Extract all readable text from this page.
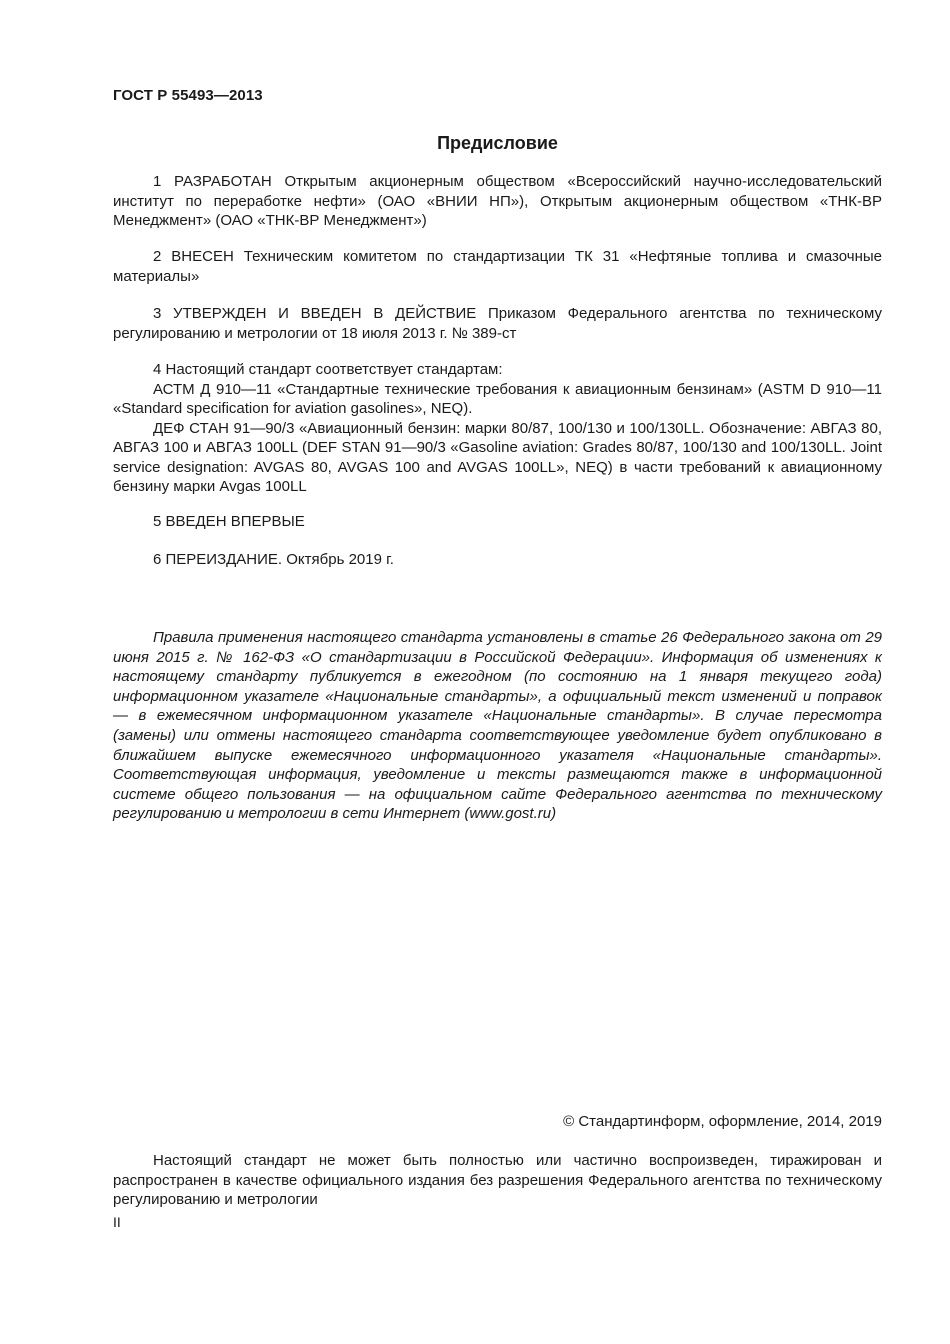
ГОСТ Р 55493—2013
Предисловие

1 РАЗРАБОТАН Открытым акционерным обществом «Всероссийский научно-исследовательский институт по переработке нефти» (ОАО «ВНИИ НП»), Открытым акционерным обществом «ТНК-ВР Менеджмент» (ОАО «ТНК-ВР Менеджмент»)

2 ВНЕСЕН Техническим комитетом по стандартизации ТК 31 «Нефтяные топлива и смазочные материалы»

3 УТВЕРЖДЕН И ВВЕДЕН В ДЕЙСТВИЕ Приказом Федерального агентства по техническому регулированию и метрологии от 18 июля 2013 г. № 389-ст

4 Настоящий стандарт соответствует стандартам:

АСТМ Д 910—11 «Стандартные технические требования к авиационным бензинам» (ASTM D 910—11 «Standard specification for aviation gasolines», NEQ).

ДЕФ СТАН 91—90/3 «Авиационный бензин: марки 80/87, 100/130 и 100/130LL. Обозначение: АВГАЗ 80, АВГАЗ 100 и АВГАЗ 100LL (DEF STAN 91—90/3 «Gasoline aviation: Grades 80/87, 100/130 and 100/130LL. Joint service designation: AVGAS 80, AVGAS 100 and AVGAS 100LL», NEQ) в части требований к авиационному бензину марки Avgas 100LL

5 ВВЕДЕН ВПЕРВЫЕ

6 ПЕРЕИЗДАНИЕ. Октябрь 2019 г.

Правила применения настоящего стандарта установлены в статье 26 Федерального закона от 29 июня 2015 г. № 162-ФЗ «О стандартизации в Российской Федерации». Информация об изменениях к настоящему стандарту публикуется в ежегодном (по состоянию на 1 января текущего года) информационном указателе «Национальные стандарты», а официальный текст изменений и поправок — в ежемесячном информационном указателе «Национальные стандарты». В случае пересмотра (замены) или отмены настоящего стандарта соответствующее уведомление будет опубликовано в ближайшем выпуске ежемесячного информационного указателя «Национальные стандарты». Соответствующая информация, уведомление и тексты размещаются также в информационной системе общего пользования — на официальном сайте Федерального агентства по техническому регулированию и метрологии в сети Интернет (www.gost.ru)

© Стандартинформ, оформление, 2014, 2019

Настоящий стандарт не может быть полностью или частично воспроизведен, тиражирован и распространен в качестве официального издания без разрешения Федерального агентства по техническому регулированию и метрологии

II
